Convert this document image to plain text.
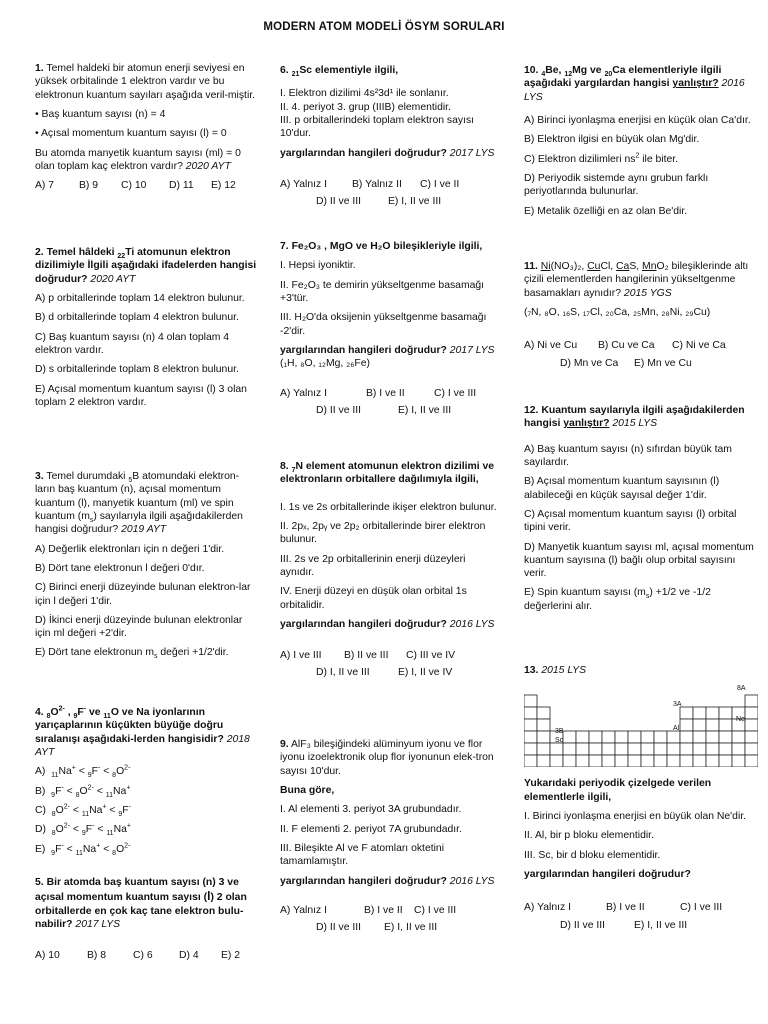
MODERN ATOM MODELİ ÖSYM SORULARI

1. Temel haldeki bir atomun enerji seviyesi en yüksek orbitalinde 1 elektron vardır ve bu elektronun kuantum sayıları aşağıda veril-miştir.

• Baş kuantum sayısı (n) = 4

• Açısal momentum kuantum sayısı (l) = 0

Bu atomda manyetik kuantum sayısı (ml) = 0 olan toplam kaç elektron vardır? 2020 AYT

A) 7 B) 9 C) 10 D) 11 E) 12

2. Temel hâldeki $_{22}$Ti atomunun elektron dizilimiyle İlgili aşağıdaki ifadelerden hangisi doğrudur? 2020 AYT

A) p orbitallerinde toplam 14 elektron bulunur.

B) d orbitallerinde toplam 4 elektron bulunur.

C) Baş kuantum sayısı (n) 4 olan toplam 4 elektron vardır.

D) s orbitallerinde toplam 8 elektron bulunur.

E) Açısal momentum kuantum sayısı (l) 3 olan toplam 2 elektron vardır.

3. Temel durumdaki $_5$B atomundaki elektron-ların baş kuantum (n), açısal momentum kuantum (l), manyetik kuantum (ml) ve spin kuantum $(m_s)$ sayılarıyla ilgili aşağıdakilerden hangisi doğrudur? 2019 AYT

A) Değerlik elektronları için n değeri 1'dir.

B) Dört tane elektronun l değeri 0'dır.

C) Birinci enerji düzeyinde bulunan elektron-lar için l değeri 1'dir.

D) İkinci enerji düzeyinde bulunan elektronlar için ml değeri +2'dir.

E) Dört tane elektronun $m_s$ değeri +1/2'dir.

4. $_8O^{2-}$ , $_9$F- ve $_{11}$O ve Na iyonlarının yarıçaplarının küçükten büyüğe doğru sıralanışı aşağıdaki-lerden hangisidir? 2018 AYT

A) $_{11}Na^+ < _9F^- < _8O^{2-}$

B) $_9F^- < _8O^{2-} < _{11}Na^+$

C) $_8O^{2-} < _{11}Na^+ < _9F^-$

D) $_8O^{2-} < _9F^- < _{11}Na^+$

E) $_9F^- < _{11}Na^+ < _8O^{2-}$

5. Bir atomda baş kuantum sayısı (n) 3 ve açısal momentum kuantum sayısı (l) 2 olan orbitallerde en çok kaç tane elektron bulu-nabilir? 2017 LYS

A) 10	B) 8	C) 6	D) 4 E) 2

6. $_{21}$Sc elementiyle ilgili,

I. Elektron dizilimi 4s²3d¹ ile sonlanır.

II. 4. periyot 3. grup (IIIB) elementidir.

III. p orbitallerindeki toplam elektron sayısı 10'dur.

yargılarından hangileri doğrudur? 2017 LYS

A) Yalnız I B) Yalnız II C) I ve II
D) II ve III	E) I, II ve III

7. Fe₂O₃ , MgO ve H₂O bileşikleriyle ilgili,

I. Hepsi iyoniktir.

II. Fe₂O₃ te demirin yükseltgenme basamağı +3'tür.

III. H₂O'da oksijenin yükseltgenme basamağı -2'dir.

yargılarından hangileri doğrudur? 2017 LYS

(₁H, ₈O, ₁₂Mg, ₂₆Fe)

A) Yalnız I	B) I ve II	C) I ve III
D) II ve III	E) I, II ve III

8. $_7$N element atomunun elektron dizilimi ve elektronların orbitallere dağılımıyla ilgili,

I. 1s ve 2s orbitallerinde ikişer elektron bulunur.

II. 2pₓ, 2pᵧ ve 2p₂ orbitallerinde birer elektron bulunur.

III. 2s ve 2p orbitallerinin enerji düzeyleri aynıdır.

IV. Enerji düzeyi en düşük olan orbital 1s orbitalidir.

yargılarından hangileri doğrudur? 2016 LYS

A) I ve III B) II ve III C) III ve IV
D) I, II ve III	E) I, II ve IV

9. AlF₃ bileşiğindeki alüminyum iyonu ve flor iyonu izoelektronik olup flor iyonunun elek-tron sayısı 10'dur.

Buna göre,

I. Al elementi 3. periyot 3A grubundadır.

II. F elementi 2. periyot 7A grubundadır.

III. Bileşikte Al ve F atomları oktetini tamamlamıştır.

yargılarından hangileri doğrudur? 2016 LYS

A) Yalnız I	B) I ve II C) I ve III
D) II ve III E) I, II ve III

10. $_4$Be, $_{12}$Mg ve $_{20}$Ca elementleriyle ilgili aşağıdaki yargılardan hangisi yanlıştır? 2016 LYS

A) Birinci iyonlaşma enerjisi en küçük olan Ca'dır.

B) Elektron ilgisi en büyük olan Mg'dir.

C) Elektron dizilimleri $ns^2$ ile biter.

D) Periyodik sistemde aynı grubun farklı periyotlarında bulunurlar.

E) Metalik özelliği en az olan Be'dir.

11. Ni(NO₃)₂, CuCl, CaS, MnO₂ bileşiklerinde altı çizili elementlerden hangilerinin yükseltgenme basamakları aynıdır? 2015 YGS

(₇N, ₈O, ₁₆S, ₁₇Cl, ₂₀Ca, ₂₅Mn, ₂₈Ni, ₂₉Cu)

A) Ni ve Cu B) Cu ve Ca C) Ni ve Ca
D) Mn ve Ca E) Mn ve Cu

12. Kuantum sayılarıyla ilgili aşağıdakilerden hangisi yanlıştır? 2015 LYS

A) Baş kuantum sayısı (n) sıfırdan büyük tam sayılardır.

B) Açısal momentum kuantum sayısının (l) alabileceği en küçük sayısal değer 1'dir.

C) Açısal momentum kuantum sayısı (l) orbital tipini verir.

D) Manyetik kuantum sayısı ml, açısal momentum kuantum sayısına (l) bağlı olup orbital sayısını verir.

E) Spin kuantum sayısı $(m_s) +1/2$ ve -1/2 değerlerini alır.

13. 2015 LYS

8A
3A
3B
Ne
Al
Sc

Yukarıdaki periyodik çizelgede verilen elementlerle ilgili,

I. Birinci iyonlaşma enerjisi en büyük olan Ne'dir.

II. Al, bir p bloku elementidir.

III. Sc, bir d bloku elementidir.

yargılarından hangileri doğrudur?

A) Yalnız I	B) I ve II	C) I ve III
D) II ve III	E) I, II ve III
